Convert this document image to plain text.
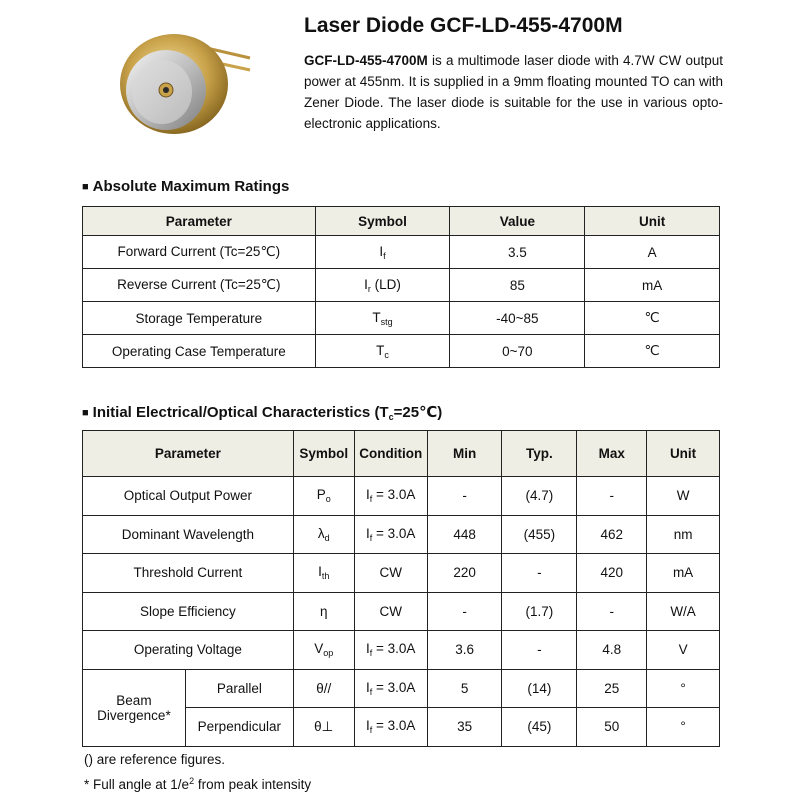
Laser Diode GCF-LD-455-4700M

GCF-LD-455-4700M is a multimode laser diode with 4.7W CW output power at 455nm. It is supplied in a 9mm floating mounted TO can with Zener Diode. The laser diode is suitable for the use in various opto-electronic applications.

■ Absolute Maximum Ratings
Parameter	Symbol	Value	Unit
Forward Current (Tc=25℃)	$I_f$	3.5	A
Reverse Current (Tc=25℃)	$I_r$ (LD)	85	mA
Storage Temperature	$T_{stg}$	-40~85	℃
Operating Case Temperature	$T_c$	0~70	℃
■ Initial Electrical/Optical Characteristics $(T_c=25℃)$
Parameter		Symbol	Condition	Min	Typ.	Max	Unit
Optical Output Power		$P_o$	$I_f = 3.0A$	-	(4.7)	-	W
Dominant Wavelength		$\lambda_d$	$I_f = 3.0A$	448	(455)	462	nm
Threshold Current		$I_{th}$	CW	220	-	420	mA
Slope Efficiency		η	CW	-	(1.7)	-	W/A
Operating Voltage		$V_{op}$	$I_f = 3.0A$	3.6	-	4.8	V
Beam
Divergence*	Parallel	θ//	$I_f = 3.0A$	5	(14)	25	°
	Perpendicular	θ⊥	$I_f = 3.0A$	35	(45)	50	°

() are reference figures.

* Full angle at $1/e^2$ from peak intensity
